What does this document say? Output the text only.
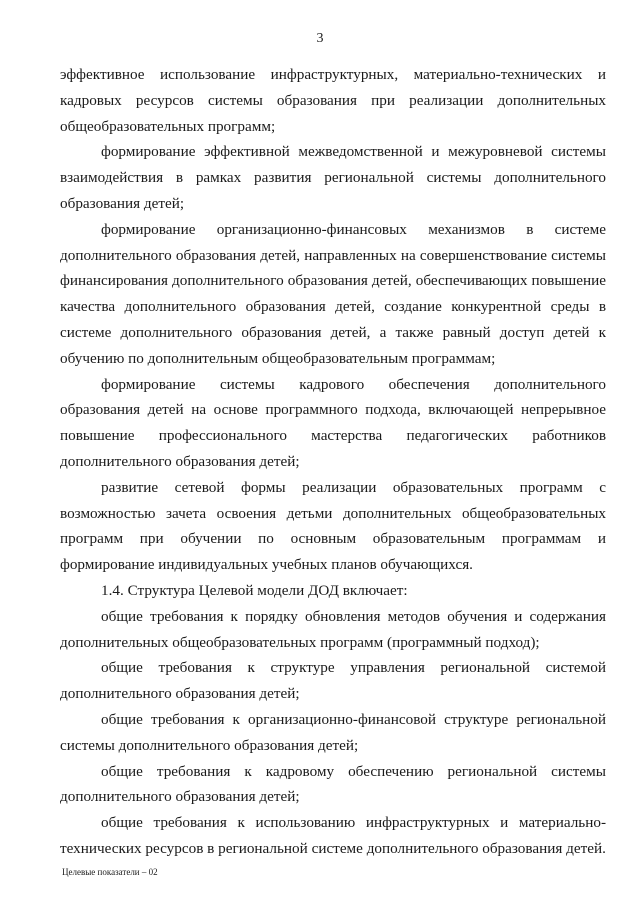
3

эффективное использование инфраструктурных, материально-технических и кадровых ресурсов системы образования при реализации дополнительных общеобразовательных программ;

формирование эффективной межведомственной и межуровневой системы взаимодействия в рамках развития региональной системы дополнительного образования детей;

формирование организационно-финансовых механизмов в системе дополнительного образования детей, направленных на совершенствование системы финансирования дополнительного образования детей, обеспечивающих повышение качества дополнительного образования детей, создание конкурентной среды в системе дополнительного образования детей, а также равный доступ детей к обучению по дополнительным общеобразовательным программам;

формирование системы кадрового обеспечения дополнительного образования детей на основе программного подхода, включающей непрерывное повышение профессионального мастерства педагогических работников дополнительного образования детей;

развитие сетевой формы реализации образовательных программ с возможностью зачета освоения детьми дополнительных общеобразовательных программ при обучении по основным образовательным программам и формирование индивидуальных учебных планов обучающихся.

1.4. Структура Целевой модели ДОД включает:

общие требования к порядку обновления методов обучения и содержания дополнительных общеобразовательных программ (программный подход);

общие требования к структуре управления региональной системой дополнительного образования детей;

общие требования к организационно-финансовой структуре региональной системы дополнительного образования детей;

общие требования к кадровому обеспечению региональной системы дополнительного образования детей;

общие требования к использованию инфраструктурных и материально-технических ресурсов в региональной системе дополнительного образования детей.

Целевые показатели – 02
